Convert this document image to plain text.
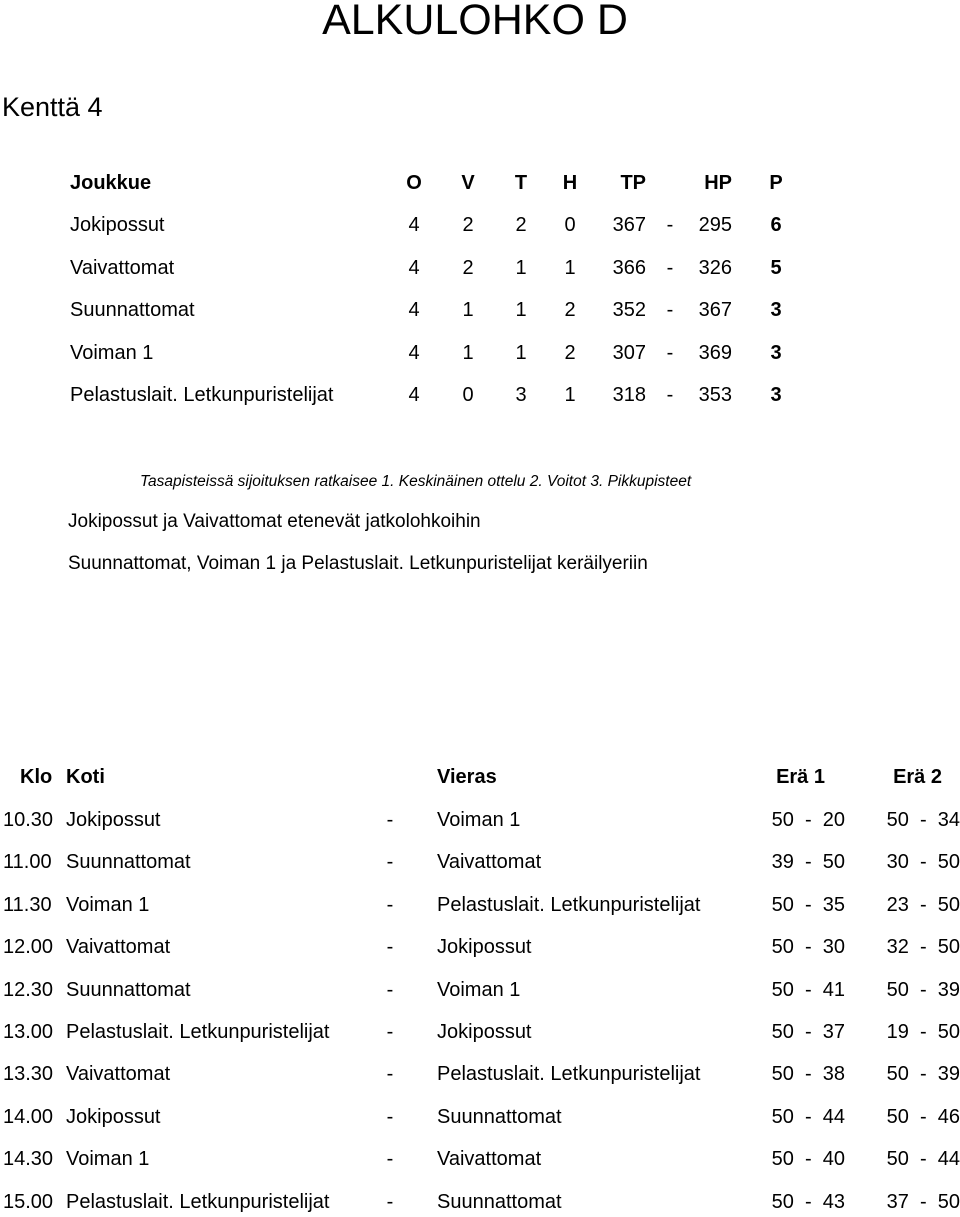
ALKULOHKO D
Kenttä 4
Joukkue	O	V	T	H	TP	HP	P
Jokipossut	4	2	2	0	367	-	295	6
Vaivattomat	4	2	1	1	366	-	326	5
Suunnattomat	4	1	1	2	352	-	367	3
Voiman 1	4	1	1	2	307	-	369	3
Pelastuslait. Letkunpuristelijat	4	0	3	1	318	-	353	3
Tasapisteissä sijoituksen ratkaisee 1. Keskinäinen ottelu 2. Voitot 3. Pikkupisteet
Jokipossut ja Vaivattomat etenevät jatkolohkoihin
Suunnattomat, Voiman 1 ja Pelastuslait. Letkunpuristelijat keräilyeriin
Klo Koti	Vieras	Erä 1	Erä 2
10.30 Jokipossut	-	Voiman 1	50  -  20	50  -  34
11.00 Suunnattomat	-	Vaivattomat	39  -  50	30  -  50
11.30 Voiman 1	-	Pelastuslait. Letkunpuristelijat	50  -  35	23  -  50
12.00 Vaivattomat	-	Jokipossut	50  -  30	32  -  50
12.30 Suunnattomat	-	Voiman 1	50  -  41	50  -  39
13.00 Pelastuslait. Letkunpuristelijat	-	Jokipossut	50  -  37	19  -  50
13.30 Vaivattomat	-	Pelastuslait. Letkunpuristelijat	50  -  38	50  -  39
14.00 Jokipossut	-	Suunnattomat	50  -  44	50  -  46
14.30 Voiman 1	-	Vaivattomat	50  -  40	50  -  44
15.00 Pelastuslait. Letkunpuristelijat	-	Suunnattomat	50  -  43	37  -  50
